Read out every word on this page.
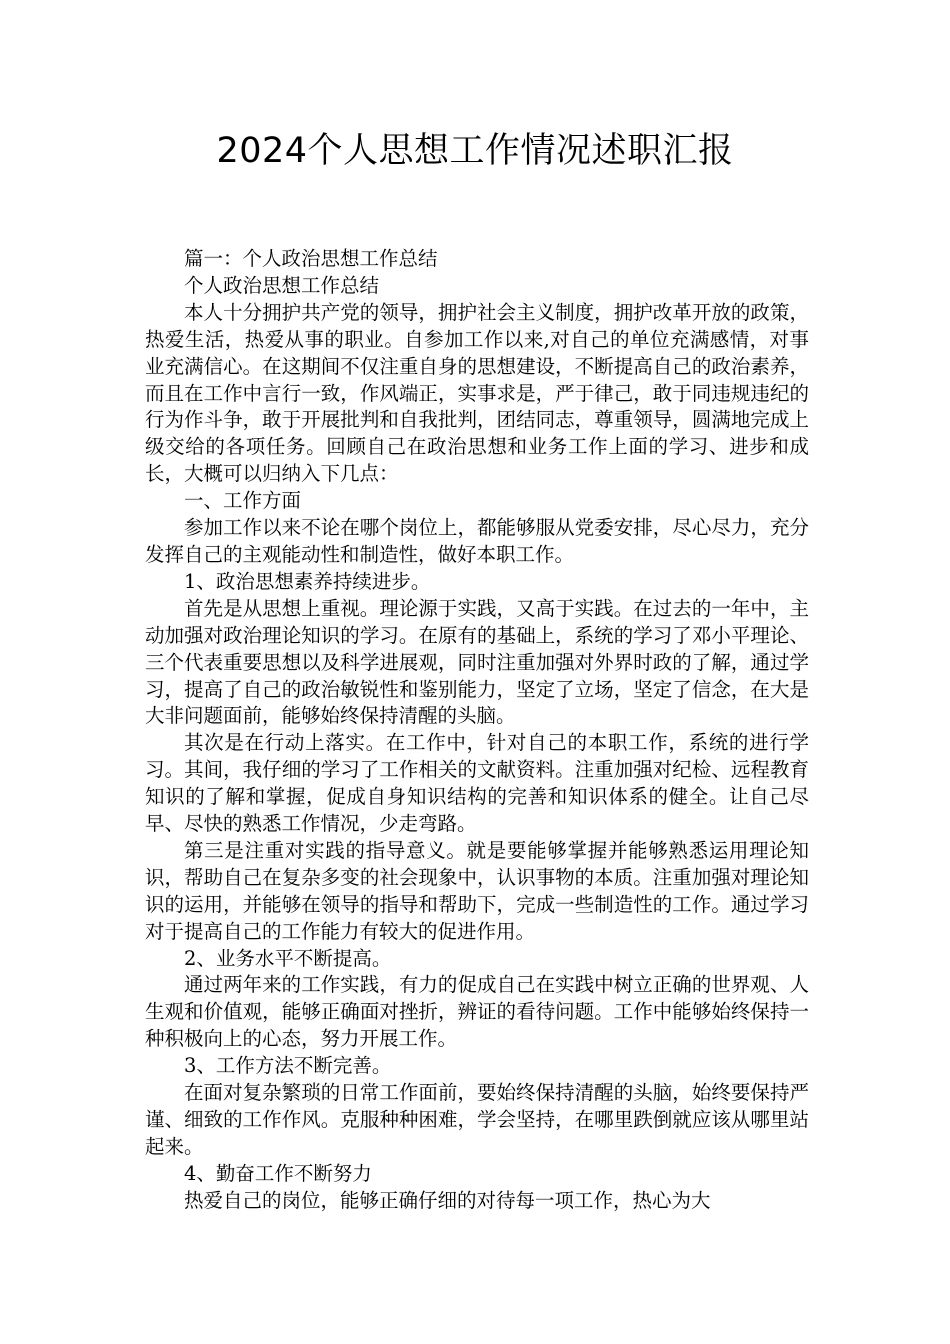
2024个人思想工作情况述职汇报

篇一：个人政治思想工作总结

个人政治思想工作总结

本人十分拥护共产党的领导，拥护社会主义制度，拥护改革开放的政策，热爱生活，热爱从事的职业。自参加工作以来,对自己的单位充满感情，对事业充满信心。在这期间不仅注重自身的思想建设，不断提高自己的政治素养，而且在工作中言行一致，作风端正，实事求是，严于律己，敢于同违规违纪的行为作斗争，敢于开展批判和自我批判，团结同志，尊重领导，圆满地完成上级交给的各项任务。回顾自己在政治思想和业务工作上面的学习、进步和成长，大概可以归纳入下几点：

一、工作方面

参加工作以来不论在哪个岗位上，都能够服从党委安排，尽心尽力，充分发挥自己的主观能动性和制造性，做好本职工作。

1、政治思想素养持续进步。

首先是从思想上重视。理论源于实践，又高于实践。在过去的一年中，主动加强对政治理论知识的学习。在原有的基础上，系统的学习了邓小平理论、三个代表重要思想以及科学进展观，同时注重加强对外界时政的了解，通过学习，提高了自己的政治敏锐性和鉴别能力，坚定了立场，坚定了信念，在大是大非问题面前，能够始终保持清醒的头脑。

其次是在行动上落实。在工作中，针对自己的本职工作，系统的进行学习。其间，我仔细的学习了工作相关的文献资料。注重加强对纪检、远程教育知识的了解和掌握，促成自身知识结构的完善和知识体系的健全。让自己尽早、尽快的熟悉工作情况，少走弯路。

第三是注重对实践的指导意义。就是要能够掌握并能够熟悉运用理论知识，帮助自己在复杂多变的社会现象中，认识事物的本质。注重加强对理论知识的运用，并能够在领导的指导和帮助下，完成一些制造性的工作。通过学习对于提高自己的工作能力有较大的促进作用。

2、业务水平不断提高。

通过两年来的工作实践，有力的促成自己在实践中树立正确的世界观、人生观和价值观，能够正确面对挫折，辨证的看待问题。工作中能够始终保持一种积极向上的心态，努力开展工作。

3、工作方法不断完善。

在面对复杂繁琐的日常工作面前，要始终保持清醒的头脑，始终要保持严谨、细致的工作作风。克服种种困难，学会坚持，在哪里跌倒就应该从哪里站起来。

4、勤奋工作不断努力

热爱自己的岗位，能够正确仔细的对待每一项工作，热心为大
